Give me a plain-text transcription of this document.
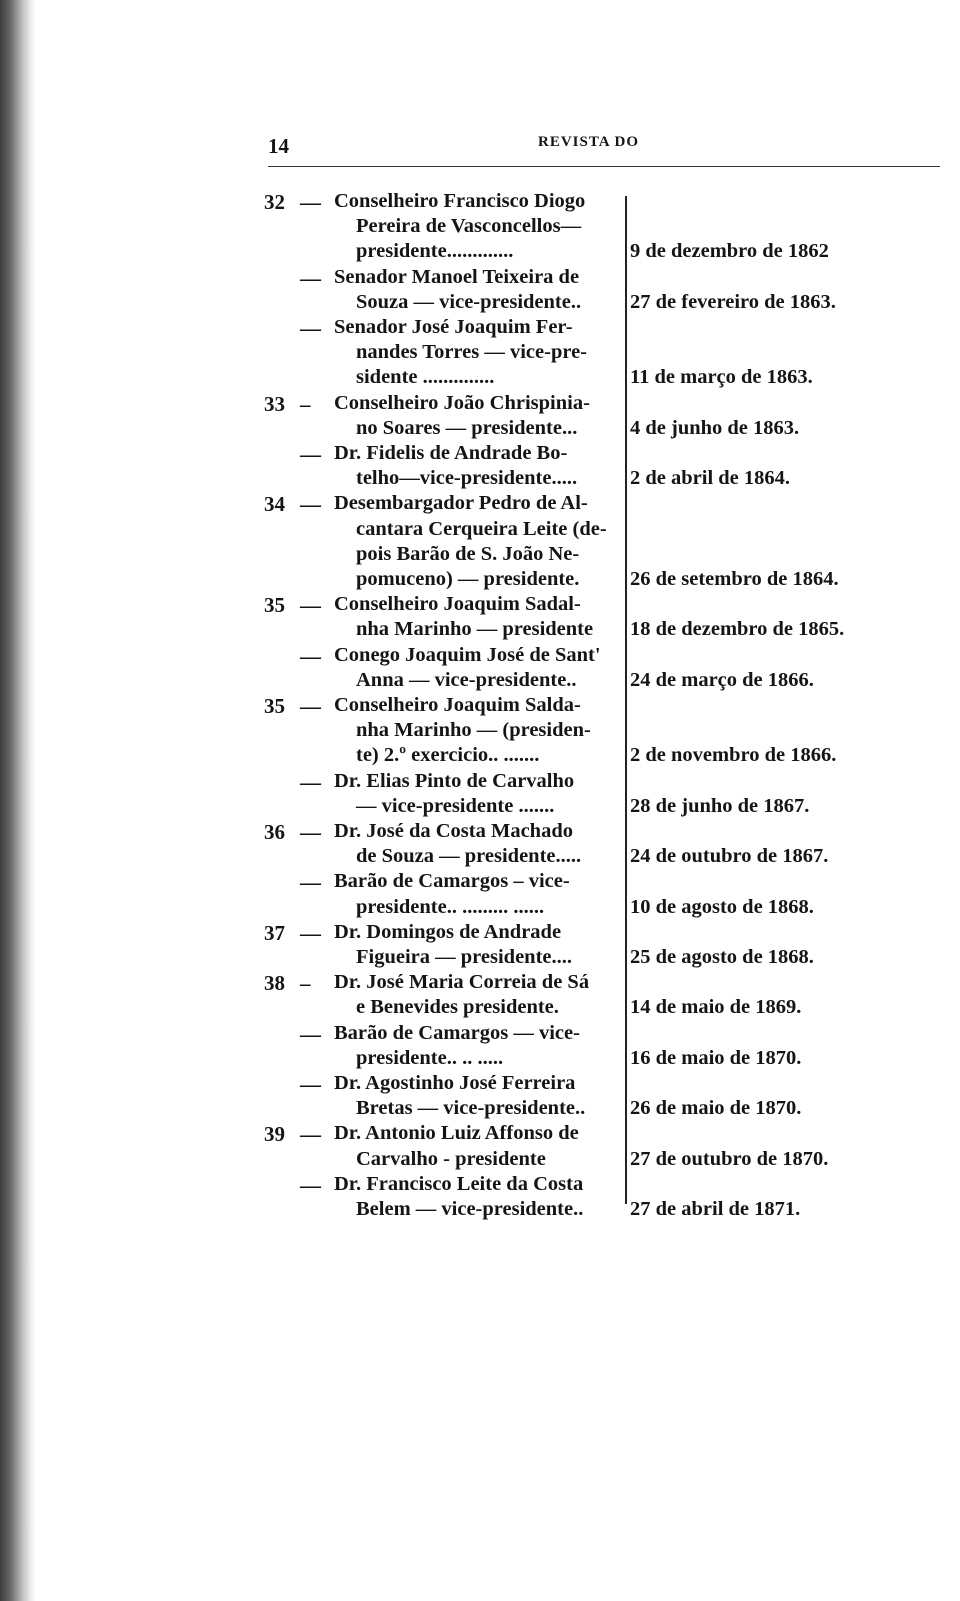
14	REVISTA DO
32 — Conselheiro Francisco Diogo
Pereira de Vasconcellos—
presidente.............	9 de dezembro de 1862
— Senador Manoel Teixeira de
Souza — vice-presidente..	27 de fevereiro de 1863.
— Senador José Joaquim Fer-
nandes Torres — vice-pre-
sidente ..............	11 de março de 1863.
33 – Conselheiro João Chrispinia-
no Soares — presidente...	4 de junho de 1863.
— Dr. Fidelis de Andrade Bo-
telho—vice-presidente.....	2 de abril de 1864.
34 — Desembargador Pedro de Al-
cantara Cerqueira Leite (de-
pois Barão de S. João Ne-
pomuceno) — presidente.	26 de setembro de 1864.
35 — Conselheiro Joaquim Sadal-
nha Marinho — presidente	18 de dezembro de 1865.
— Conego Joaquim José de Sant'
Anna — vice-presidente..	24 de março de 1866.
35 — Conselheiro Joaquim Salda-
nha Marinho — (presiden-
te) 2.º exercicio.. .......	2 de novembro de 1866.
— Dr. Elias Pinto de Carvalho
— vice-presidente .......	28 de junho de 1867.
36 — Dr. José da Costa Machado
de Souza — presidente.....	24 de outubro de 1867.
— Barão de Camargos – vice-
presidente.. ......... ......	10 de agosto de 1868.
37 — Dr. Domingos de Andrade
Figueira — presidente....	25 de agosto de 1868.
38 – Dr. José Maria Correia de Sá
e Benevides presidente.	14 de maio de 1869.
— Barão de Camargos — vice-
presidente.. .. .....	16 de maio de 1870.
— Dr. Agostinho José Ferreira
Bretas — vice-presidente..	26 de maio de 1870.
39 — Dr. Antonio Luiz Affonso de
Carvalho - presidente	27 de outubro de 1870.
— Dr. Francisco Leite da Costa
Belem — vice-presidente..	27 de abril de 1871.
